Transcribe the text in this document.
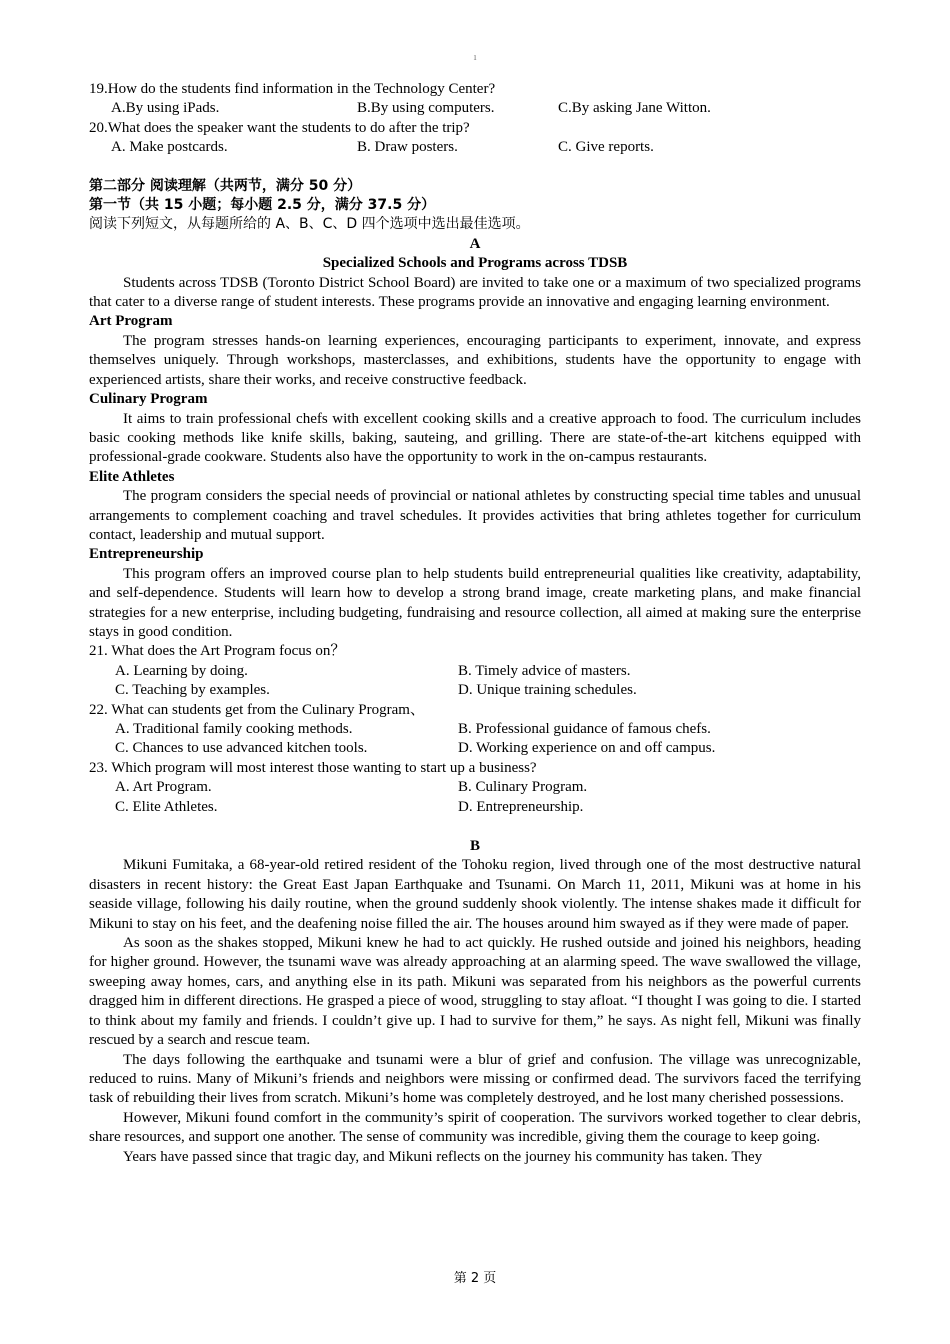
1

19.How do the students find information in the Technology Center?

A.By using iPads.	B.By using computers.	C.By asking Jane Witton.

20.What does the speaker want the students to do after the trip?

A. Make postcards.	B. Draw posters.	C. Give reports.

第二部分 阅读理解（共两节，满分 50 分）

第一节（共 15 小题；每小题 2.5 分，满分 37.5 分）

阅读下列短文，从每题所给的 A、B、C、D 四个选项中选出最佳选项。

A

Specialized Schools and Programs across TDSB

Students across TDSB (Toronto District School Board) are invited to take one or a maximum of two specialized programs that cater to a diverse range of student interests. These programs provide an innovative and engaging learning environment.

Art Program

The program stresses hands-on learning experiences, encouraging participants to experiment, innovate, and express themselves uniquely. Through workshops, masterclasses, and exhibitions, students have the opportunity to engage with experienced artists, share their works, and receive constructive feedback.

Culinary Program

It aims to train professional chefs with excellent cooking skills and a creative approach to food. The curriculum includes basic cooking methods like knife skills, baking, sauteing, and grilling. There are state-of-the-art kitchens equipped with professional-grade cookware. Students also have the opportunity to work in the on-campus restaurants.

Elite Athletes

The program considers the special needs of provincial or national athletes by constructing special time tables and unusual arrangements to complement coaching and travel schedules. It provides activities that bring athletes together for curriculum contact, leadership and mutual support.

Entrepreneurship

This program offers an improved course plan to help students build entrepreneurial qualities like creativity, adaptability, and self-dependence. Students will learn how to develop a strong brand image, create marketing plans, and make financial strategies for a new enterprise, including budgeting, fundraising and resource collection, all aimed at making sure the enterprise stays in good condition.

21. What does the Art Program focus on？

A. Learning by doing.	B. Timely advice of masters.
C. Teaching by examples.	D. Unique training schedules.

22. What can students get from the Culinary Program、

A. Traditional family cooking methods.	B. Professional guidance of famous chefs.
C. Chances to use advanced kitchen tools.	D. Working experience on and off campus.

23. Which program will most interest those wanting to start up a business?

A. Art Program.	B. Culinary Program.
C. Elite Athletes.	D. Entrepreneurship.

B

Mikuni Fumitaka, a 68-year-old retired resident of the Tohoku region, lived through one of the most destructive natural disasters in recent history: the Great East Japan Earthquake and Tsunami. On March 11, 2011, Mikuni was at home in his seaside village, following his daily routine, when the ground suddenly shook violently. The intense shakes made it difficult for Mikuni to stay on his feet, and the deafening noise filled the air. The houses around him swayed as if they were made of paper.

As soon as the shakes stopped, Mikuni knew he had to act quickly. He rushed outside and joined his neighbors, heading for higher ground. However, the tsunami wave was already approaching at an alarming speed. The wave swallowed the village, sweeping away homes, cars, and anything else in its path. Mikuni was separated from his neighbors as the powerful currents dragged him in different directions. He grasped a piece of wood, struggling to stay afloat. “I thought I was going to die. I started to think about my family and friends. I couldn’t give up. I had to survive for them,” he says. As night fell, Mikuni was finally rescued by a search and rescue team.

The days following the earthquake and tsunami were a blur of grief and confusion. The village was unrecognizable, reduced to ruins. Many of Mikuni’s friends and neighbors were missing or confirmed dead. The survivors faced the terrifying task of rebuilding their lives from scratch. Mikuni’s home was completely destroyed, and he lost many cherished possessions.

However, Mikuni found comfort in the community’s spirit of cooperation. The survivors worked together to clear debris, share resources, and support one another. The sense of community was incredible, giving them the courage to keep going.

Years have passed since that tragic day, and Mikuni reflects on the journey his community has taken. They

第 2 页
